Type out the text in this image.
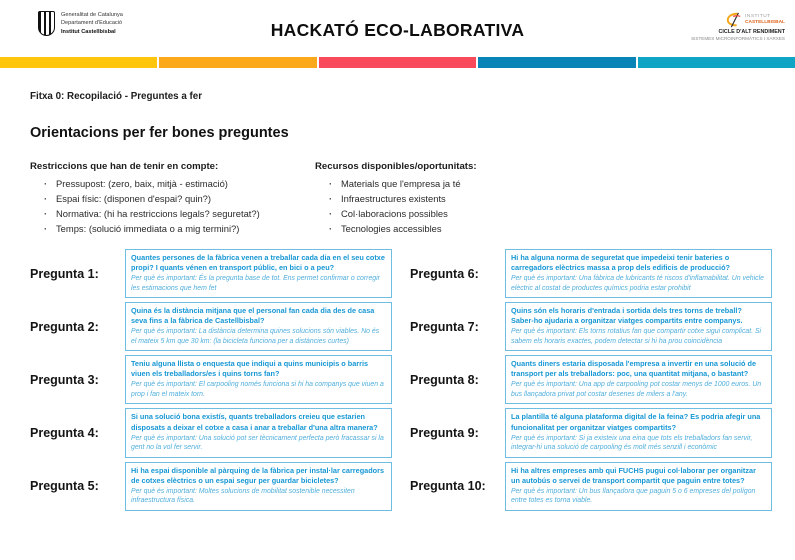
Generalitat de Catalunya
Departament d'Educació
Institut Castellbisbal	HACKATÓ ECO-LABORATIVA
INSTITUT
CASTELLBISBAL
CICLE D'ALT RENDIMENT
SISTEMES MICROINFORMÀTICS I XARXES
Fitxa 0: Recopilació - Preguntes a fer
Orientacions per fer bones preguntes
Restriccions que han de tenir en compte:
· Pressupost: (zero, baix, mitjà - estimació)
· Espai físic: (disponen d'espai? quin?)
· Normativa: (hi ha restriccions legals? seguretat?)
· Temps: (solució immediata o a mig termini?)
Recursos disponibles/oportunitats:
· Materials que l'empresa ja té
· Infraestructures existents
· Col·laboracions possibles
· Tecnologies accessibles
Pregunta 1:
Quantes persones de la fàbrica venen a treballar cada dia en el seu cotxe propi? I quants vénen en transport públic, en bici o a peu?
Per què és important: És la pregunta base de tot. Ens permet confirmar o corregir les estimacions que hem fet
Pregunta 2:
Quina és la distància mitjana que el personal fan cada dia des de casa seva fins a la fàbrica de Castellbisbal?
Per què és important: La distància determina quines solucions són viables. No és el mateix 5 km que 30 km: (la bicicleta funciona per a distàncies curtes)
Pregunta 3:
Teniu alguna llista o enquesta que indiqui a quins municipis o barris viuen els treballadors/es i quins torns fan?
Per què és important: El carpooling només funciona si hi ha companys que viuen a prop i fan el mateix torn.
Pregunta 4:
Si una solució bona existís, quants treballadors creieu que estarien disposats a deixar el cotxe a casa i anar a treballar d'una altra manera?
Per què és important: Una solució pot ser tècnicament perfecta però fracassar si la gent no la vol fer servir.
Pregunta 5:
Hi ha espai disponible al pàrquing de la fàbrica per instal·lar carregadors de cotxes elèctrics o un espai segur per guardar bicicletes?
Per què és important: Moltes solucions de mobilitat sostenible necessiten infraestructura física.
Pregunta 6:
Hi ha alguna norma de seguretat que impedeixi tenir bateries o carregadors elèctrics massa a prop dels edificis de producció?
Per què és important: Una fàbrica de lubricants té riscos d'inflamabilitat. Un vehicle elèctric al costat de productes químics podria estar prohibit
Pregunta 7:
Quins són els horaris d'entrada i sortida dels tres torns de treball? Saber-ho ajudaria a organitzar viatges compartits entre companys.
Per què és important: Els torns rotatius fan que compartir cotxe sigui complicat. Si sabem els horaris exactes, podem detectar si hi ha prou coincidència
Pregunta 8:
Quants diners estaria disposada l'empresa a invertir en una solució de transport per als treballadors: poc, una quantitat mitjana, o bastant?
Per què és important: Una app de carpooling pot costar menys de 1000 euros. Un bus llançadora privat pot costar desenes de milers a l'any.
Pregunta 9:
La plantilla té alguna plataforma digital de la feina? Es podria afegir una funcionalitat per organitzar viatges compartits?
Per què és important: Si ja existeix una eina que tots els treballadors fan servir, integrar-hi una solució de carpooling és molt més senzill i econòmic
Pregunta 10:
Hi ha altres empreses amb qui FUCHS pugui col·laborar per organitzar un autobús o servei de transport compartit que paguin entre totes?
Per què és important: Un bus llançadora que paguin 5 o 6 empreses del polígon entre totes es torna viable.
